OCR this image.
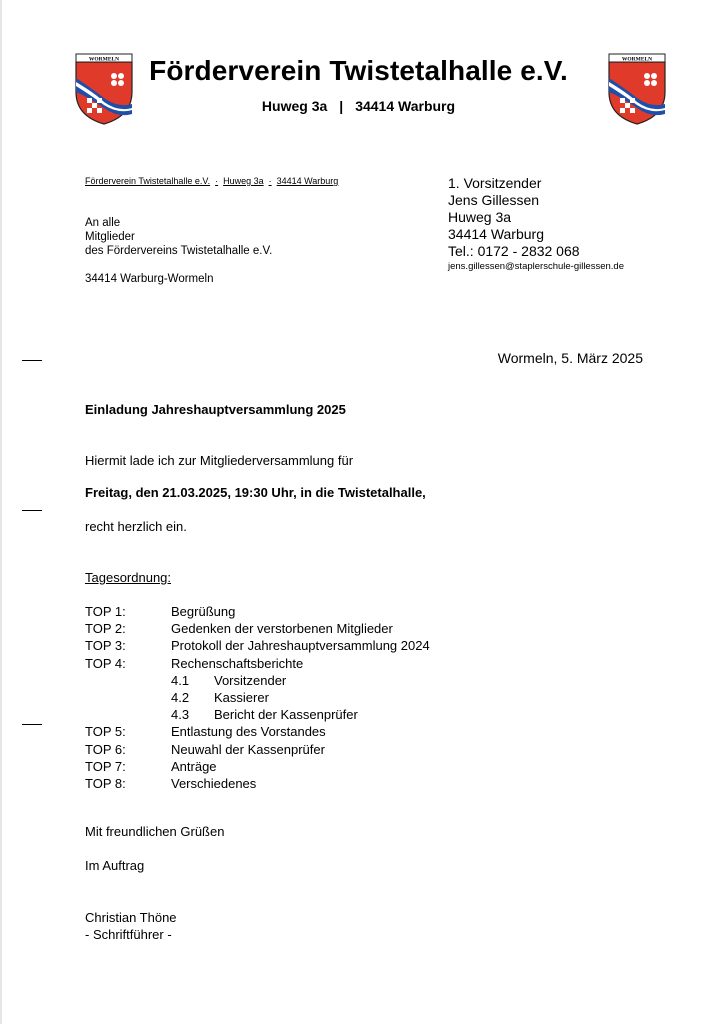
WORMELN	WORMELN
Förderverein Twistetalhalle e.V.
Huweg 3a | 34414 Warburg
Förderverein Twistetalhalle e.V. · Huweg 3a · 34414 Warburg
An alle
Mitglieder
des Fördervereins Twistetalhalle e.V.
34414 Warburg-Wormeln
1. Vorsitzender
Jens Gillessen
Huweg 3a
34414 Warburg
Tel.: 0172 - 2832 068
jens.gillessen@staplerschule-gillessen.de
Wormeln, 5. März 2025
Einladung Jahreshauptversammlung 2025
Hiermit lade ich zur Mitgliederversammlung für
Freitag, den 21.03.2025, 19:30 Uhr, in die Twistetalhalle,
recht herzlich ein.
Tagesordnung:
TOP 1:	Begrüßung
TOP 2:	Gedenken der verstorbenen Mitglieder
TOP 3:	Protokoll der Jahreshauptversammlung 2024
TOP 4:	Rechenschaftsberichte
4.1 Vorsitzender
4.2 Kassierer
4.3 Bericht der Kassenprüfer
TOP 5:	Entlastung des Vorstandes
TOP 6:	Neuwahl der Kassenprüfer
TOP 7:	Anträge
TOP 8:	Verschiedenes
Mit freundlichen Grüßen
Im Auftrag
Christian Thöne
- Schriftführer -
